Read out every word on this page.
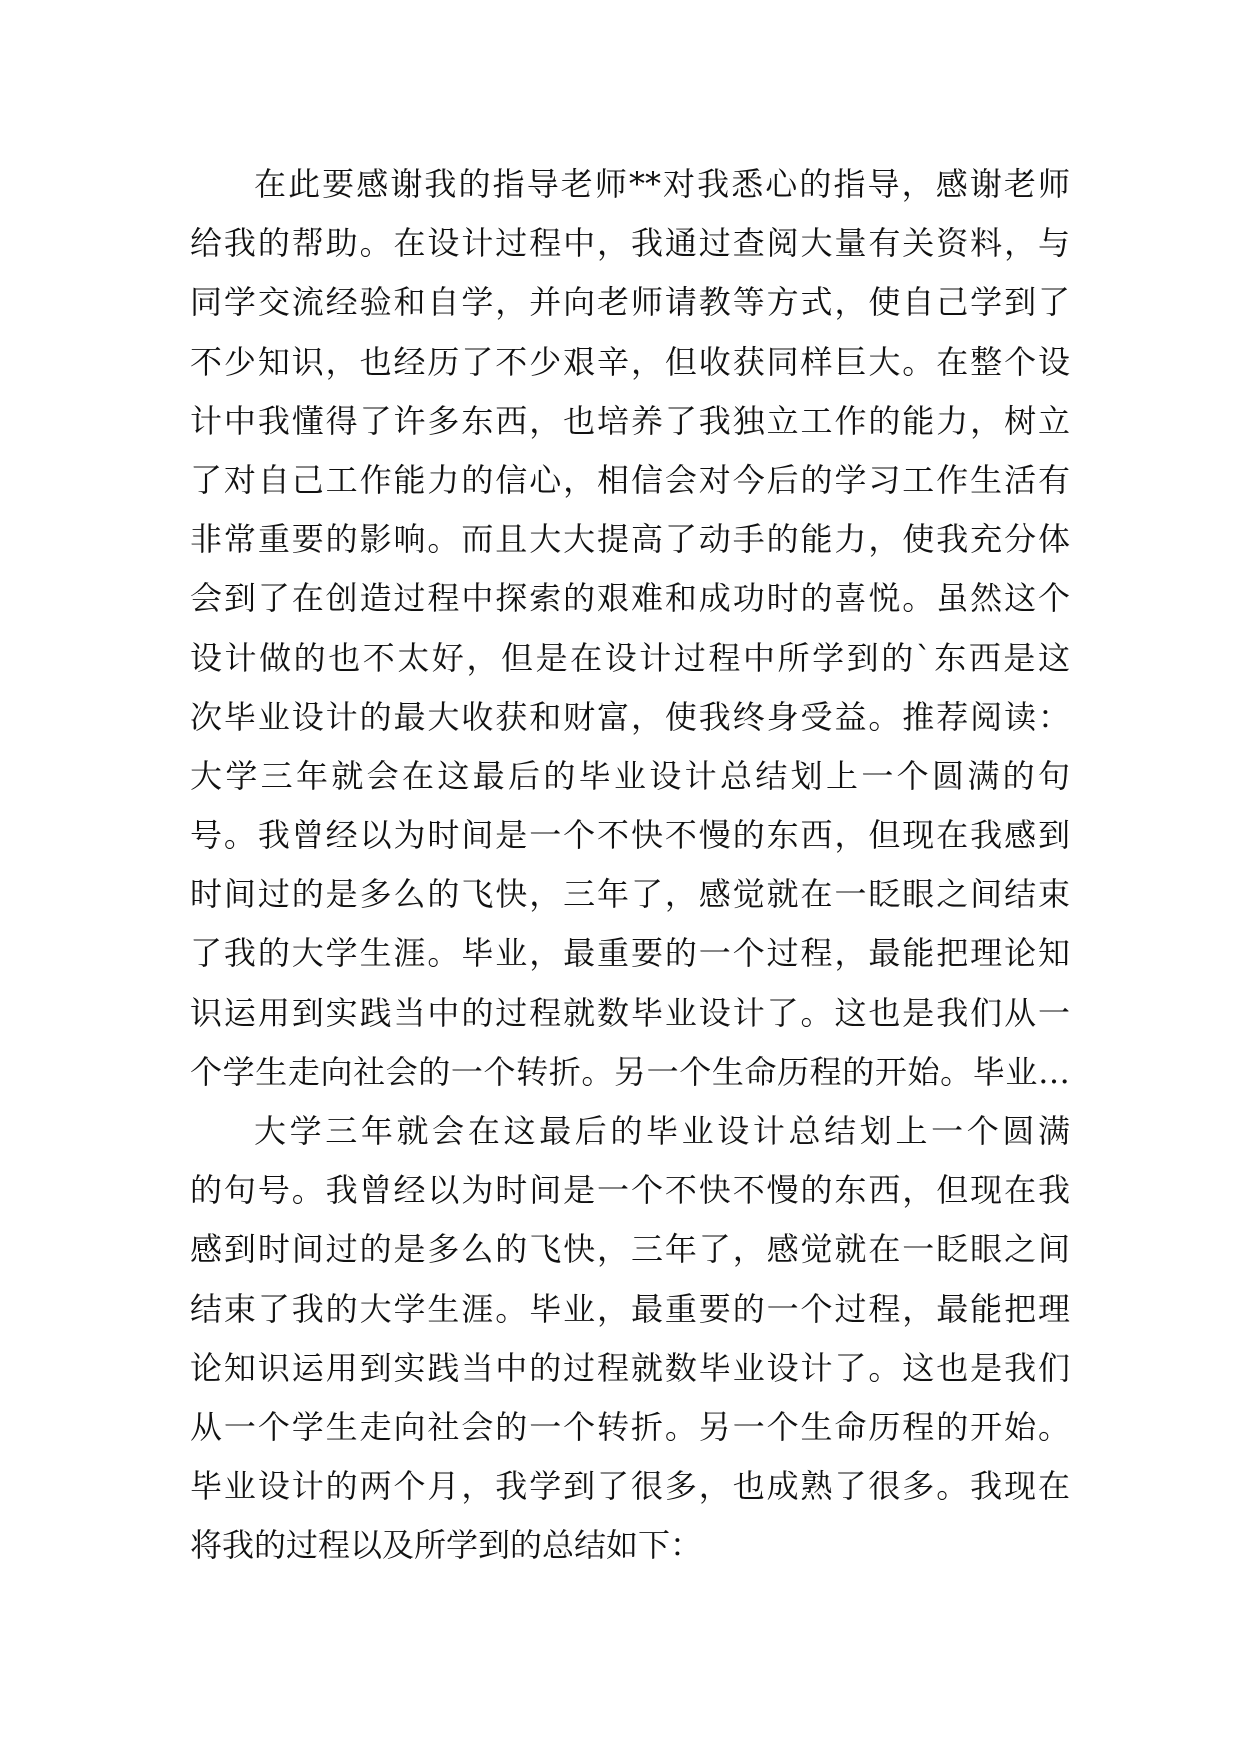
在此要感谢我的指导老师**对我悉心的指导，感谢老师
给我的帮助。在设计过程中，我通过查阅大量有关资料，与
同学交流经验和自学，并向老师请教等方式，使自己学到了
不少知识，也经历了不少艰辛，但收获同样巨大。在整个设
计中我懂得了许多东西，也培养了我独立工作的能力，树立
了对自己工作能力的信心，相信会对今后的学习工作生活有
非常重要的影响。而且大大提高了动手的能力，使我充分体
会到了在创造过程中探索的艰难和成功时的喜悦。虽然这个
设计做的也不太好，但是在设计过程中所学到的`东西是这
次毕业设计的最大收获和财富，使我终身受益。推荐阅读：
大学三年就会在这最后的毕业设计总结划上一个圆满的句
号。我曾经以为时间是一个不快不慢的东西，但现在我感到
时间过的是多么的飞快，三年了，感觉就在一眨眼之间结束
了我的大学生涯。毕业，最重要的一个过程，最能把理论知
识运用到实践当中的过程就数毕业设计了。这也是我们从一
个学生走向社会的一个转折。另一个生命历程的开始。毕业…
大学三年就会在这最后的毕业设计总结划上一个圆满
的句号。我曾经以为时间是一个不快不慢的东西，但现在我
感到时间过的是多么的飞快，三年了，感觉就在一眨眼之间
结束了我的大学生涯。毕业，最重要的一个过程，最能把理
论知识运用到实践当中的过程就数毕业设计了。这也是我们
从一个学生走向社会的一个转折。另一个生命历程的开始。
毕业设计的两个月，我学到了很多，也成熟了很多。我现在
将我的过程以及所学到的总结如下：
